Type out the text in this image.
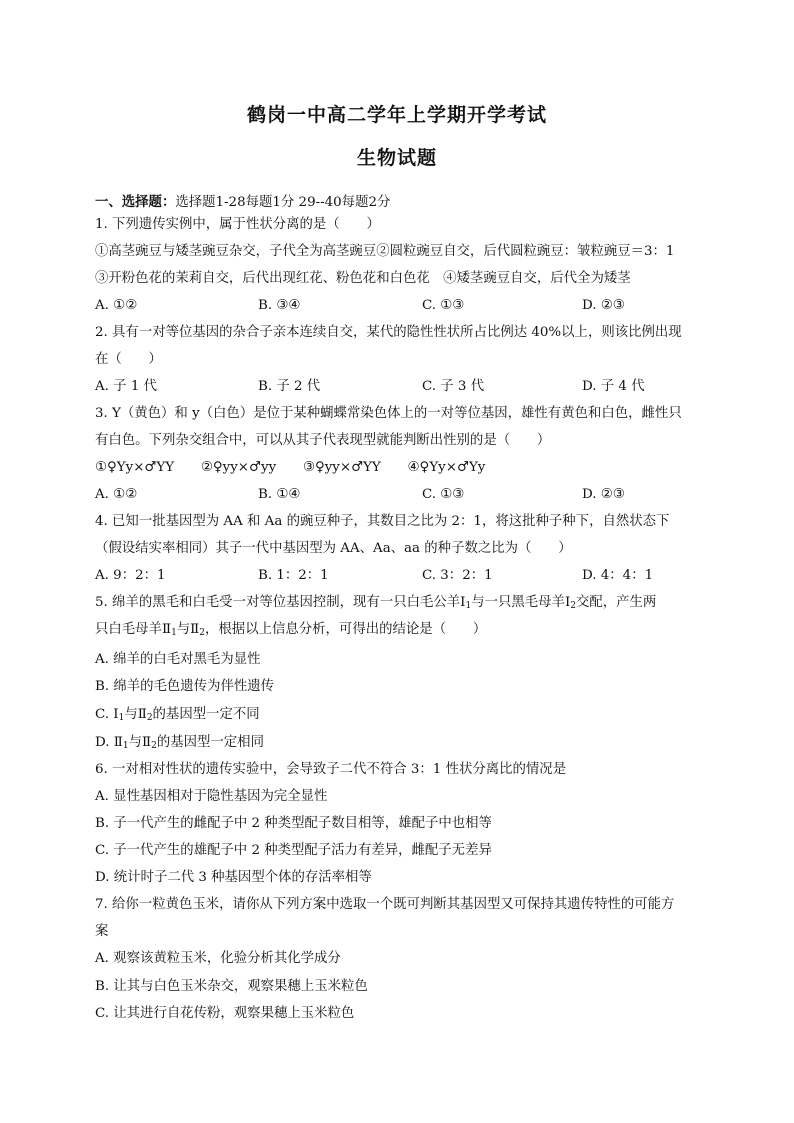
鹤岗一中高二学年上学期开学考试
生物试题
一、选择题：选择题1-28每题1分 29--40每题2分
1. 下列遗传实例中，属于性状分离的是（　　）
①高茎豌豆与矮茎豌豆杂交，子代全为高茎豌豆②圆粒豌豆自交，后代圆粒豌豆：皱粒豌豆＝3：1
③开粉色花的茉莉自交，后代出现红花、粉色花和白色花　④矮茎豌豆自交，后代全为矮茎
A. ①②	B. ③④	C. ①③	D. ②③
2. 具有一对等位基因的杂合子亲本连续自交，某代的隐性性状所占比例达 40%以上，则该比例出现
在（　　）
A. 子 1 代	B. 子 2 代	C. 子 3 代	D. 子 4 代
3. Y（黄色）和 y（白色）是位于某种蝴蝶常染色体上的一对等位基因，雄性有黄色和白色，雌性只
有白色。下列杂交组合中，可以从其子代表现型就能判断出性别的是（　　）
①♀Yy×♂YY　　②♀yy×♂yy　　③♀yy×♂YY　　④♀Yy×♂Yy
A. ①②	B. ①④	C. ①③	D. ②③
4. 已知一批基因型为 AA 和 Aa 的豌豆种子，其数目之比为 2：1，将这批种子种下，自然状态下
（假设结实率相同）其子一代中基因型为 AA、Aa、aa 的种子数之比为（　　）
A. 9：2：1	B. 1：2：1	C. 3：2：1	D. 4：4：1
5. 绵羊的黑毛和白毛受一对等位基因控制，现有一只白毛公羊$Ⅰ_1$与一只黑毛母羊$Ⅰ_2$交配，产生两
只白毛母羊$Ⅱ_1$与$Ⅱ_2$，根据以上信息分析，可得出的结论是（　　）
A. 绵羊的白毛对黑毛为显性
B. 绵羊的毛色遗传为伴性遗传
C. $Ⅰ_1$与$Ⅱ_2$的基因型一定不同
D. $Ⅱ_1$与$Ⅱ_2$的基因型一定相同
6. 一对相对性状的遗传实验中，会导致子二代不符合 3：1 性状分离比的情况是
A. 显性基因相对于隐性基因为完全显性
B. 子一代产生的雌配子中 2 种类型配子数目相等，雄配子中也相等
C. 子一代产生的雄配子中 2 种类型配子活力有差异，雌配子无差异
D. 统计时子二代 3 种基因型个体的存活率相等
7. 给你一粒黄色玉米，请你从下列方案中选取一个既可判断其基因型又可保持其遗传特性的可能方
案
A. 观察该黄粒玉米，化验分析其化学成分
B. 让其与白色玉米杂交，观察果穗上玉米粒色
C. 让其进行自花传粉，观察果穗上玉米粒色
